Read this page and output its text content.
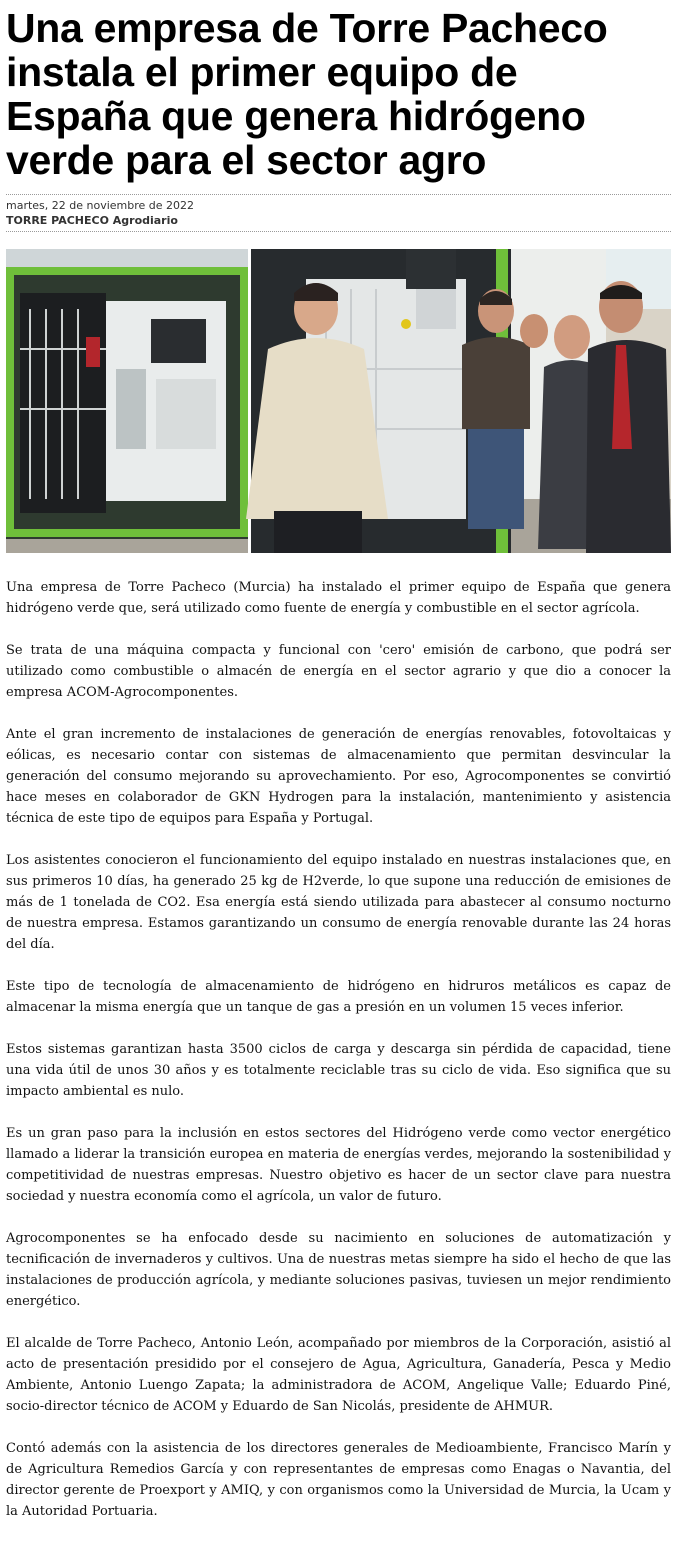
Una empresa de Torre Pacheco instala el primer equipo de España que genera hidrógeno verde para el sector agro
martes, 22 de noviembre de 2022
TORRE PACHECO Agrodiario

Una empresa de Torre Pacheco (Murcia) ha instalado el primer equipo de España que genera hidrógeno verde que, será utilizado como fuente de energía y combustible en el sector agrícola.

Se trata de una máquina compacta y funcional con 'cero' emisión de carbono, que podrá ser utilizado como combustible o almacén de energía en el sector agrario y que dio a conocer la empresa ACOM-Agrocomponentes.

Ante el gran incremento de instalaciones de generación de energías renovables, fotovoltaicas y eólicas, es necesario contar con sistemas de almacenamiento que permitan desvincular la generación del consumo mejorando su aprovechamiento. Por eso, Agrocomponentes se convirtió hace meses en colaborador de GKN Hydrogen para la instalación, mantenimiento y asistencia técnica de este tipo de equipos para España y Portugal.

Los asistentes conocieron el funcionamiento del equipo instalado en nuestras instalaciones que, en sus primeros 10 días, ha generado 25 kg de H2verde, lo que supone una reducción de emisiones de más de 1 tonelada de CO2. Esa energía está siendo utilizada para abastecer al consumo nocturno de nuestra empresa. Estamos garantizando un consumo de energía renovable durante las 24 horas del día.

Este tipo de tecnología de almacenamiento de hidrógeno en hidruros metálicos es capaz de almacenar la misma energía que un tanque de gas a presión en un volumen 15 veces inferior.

Estos sistemas garantizan hasta 3500 ciclos de carga y descarga sin pérdida de capacidad, tiene una vida útil de unos 30 años y es totalmente reciclable tras su ciclo de vida. Eso significa que su impacto ambiental es nulo.

Es un gran paso para la inclusión en estos sectores del Hidrógeno verde como vector energético llamado a liderar la transición europea en materia de energías verdes, mejorando la sostenibilidad y competitividad de nuestras empresas. Nuestro objetivo es hacer de un sector clave para nuestra sociedad y nuestra economía como el agrícola, un valor de futuro.

Agrocomponentes se ha enfocado desde su nacimiento en soluciones de automatización y tecnificación de invernaderos y cultivos. Una de nuestras metas siempre ha sido el hecho de que las instalaciones de producción agrícola, y mediante soluciones pasivas, tuviesen un mejor rendimiento energético.

El alcalde de Torre Pacheco, Antonio León, acompañado por miembros de la Corporación, asistió al acto de presentación presidido por el consejero de Agua, Agricultura, Ganadería, Pesca y Medio Ambiente, Antonio Luengo Zapata; la administradora de ACOM, Angelique Valle; Eduardo Piné, socio-director técnico de ACOM y Eduardo de San Nicolás, presidente de AHMUR.

Contó además con la asistencia de los directores generales de Medioambiente, Francisco Marín y de Agricultura Remedios García y con representantes de empresas como Enagas o Navantia, del director gerente de Proexport y AMIQ, y con organismos como la Universidad de Murcia, la Ucam y la Autoridad Portuaria.
